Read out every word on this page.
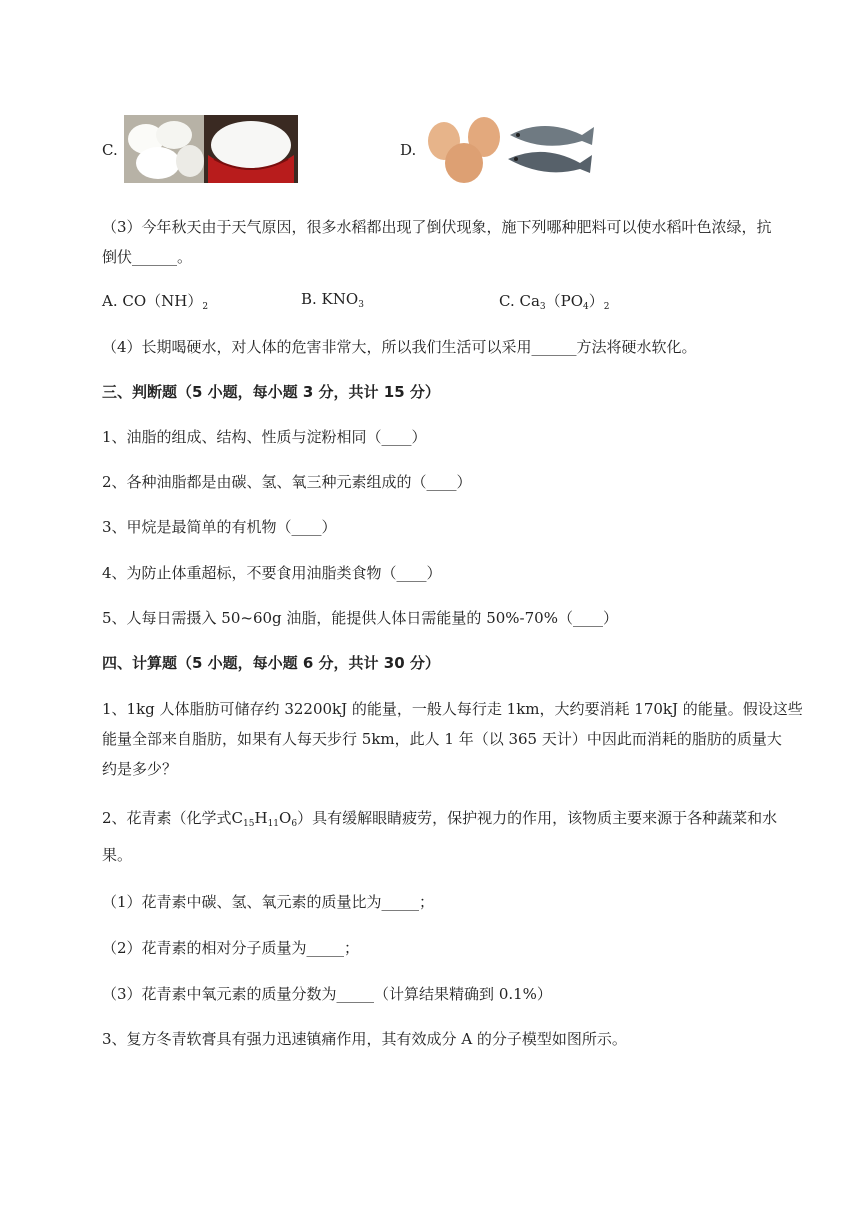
C.	D.
（3）今年秋天由于天气原因，很多水稻都出现了倒伏现象，施下列哪种肥料可以使水稻叶色浓绿，抗
倒伏______。
A. $CO(NH)_2$	B. $KNO_3$	C. $Ca_3(PO_4)_2$
（4）长期喝硬水，对人体的危害非常大，所以我们生活可以采用______方法将硬水软化。
三、判断题（5 小题，每小题 3 分，共计 15 分）
1、油脂的组成、结构、性质与淀粉相同（____）
2、各种油脂都是由碳、氢、氧三种元素组成的（____）
3、甲烷是最简单的有机物（____）
4、为防止体重超标，不要食用油脂类食物（____）
5、人每日需摄入 50~60g 油脂，能提供人体日需能量的 50%-70%（____）
四、计算题（5 小题，每小题 6 分，共计 30 分）
1、1kg 人体脂肪可储存约 32200kJ 的能量，一般人每行走 1km，大约要消耗 170kJ 的能量。假设这些
能量全部来自脂肪，如果有人每天步行 5km，此人 1 年（以 365 天计）中因此而消耗的脂肪的质量大
约是多少？
2、花青素（化学式$C_{15}H_{11}O_6$）具有缓解眼睛疲劳，保护视力的作用，该物质主要来源于各种蔬菜和水
果。
（1）花青素中碳、氢、氧元素的质量比为_____；
（2）花青素的相对分子质量为_____；
（3）花青素中氧元素的质量分数为_____（计算结果精确到 0.1%）
3、复方冬青软膏具有强力迅速镇痛作用，其有效成分 A 的分子模型如图所示。
